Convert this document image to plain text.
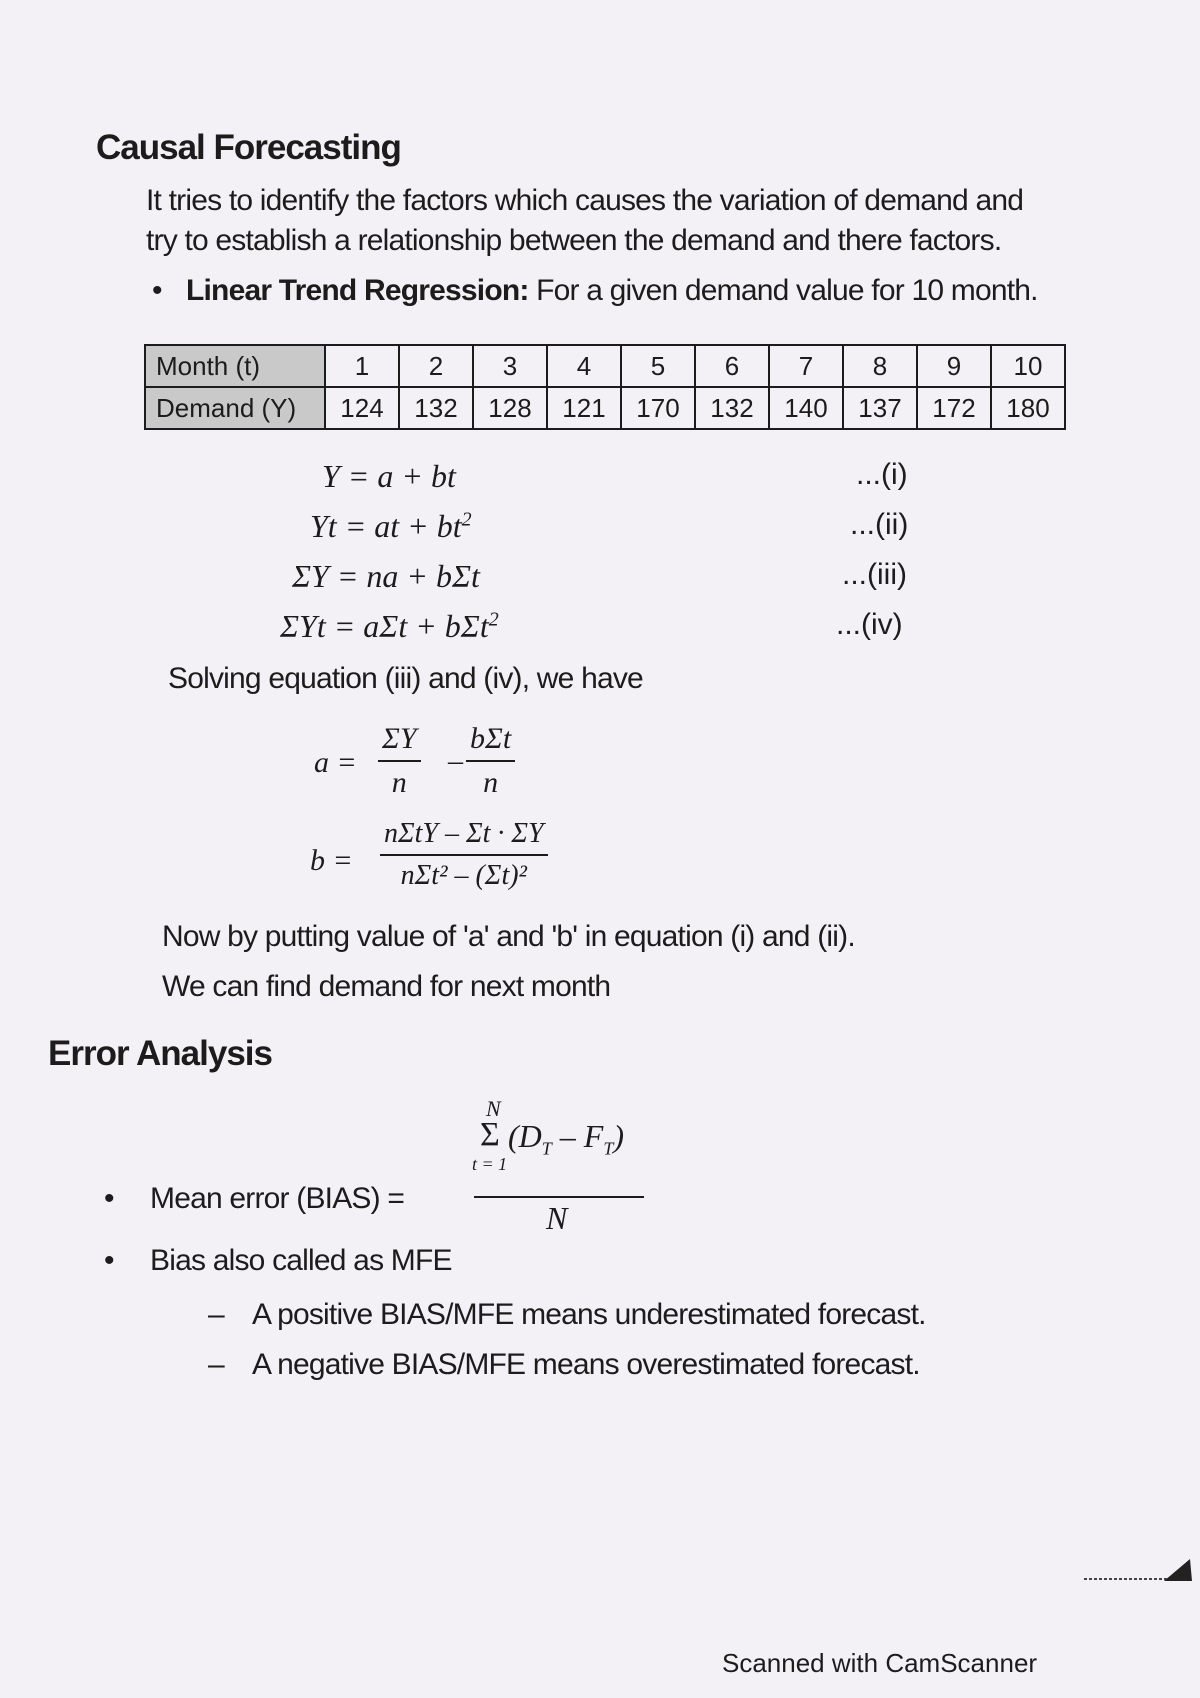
Causal Forecasting
It tries to identify the factors which causes the variation of demand and
try to establish a relationship between the demand and there factors.
• Linear Trend Regression: For a given demand value for 10 month.
Month (t)	1	2	3	4	5	6	7	8	9	10
Demand (Y)	124	132	128	121	170	132	140	137	172	180
Y = a + bt	...(i)
Yt = at + $bt^2$	...(ii)
ΣY = na + bΣt	...(iii)
ΣYt = aΣt + bΣt$^2$	...(iv)
Solving equation (iii) and (iv), we have
$a = \frac{\Sigma Y}{n}$ –
bΣt
n
b =
nΣtY – Σt · ΣY
nΣt² – (Σt)²
Now by putting value of 'a' and 'b' in equation (i) and (ii).
We can find demand for next month
Error Analysis
• Mean error (BIAS) =
N
Σ
t = 1
$(D_T - F_T)$
N
• Bias also called as MFE
– A positive BIAS/MFE means underestimated forecast.
– A negative BIAS/MFE means overestimated forecast.
Scanned with CamScanner
